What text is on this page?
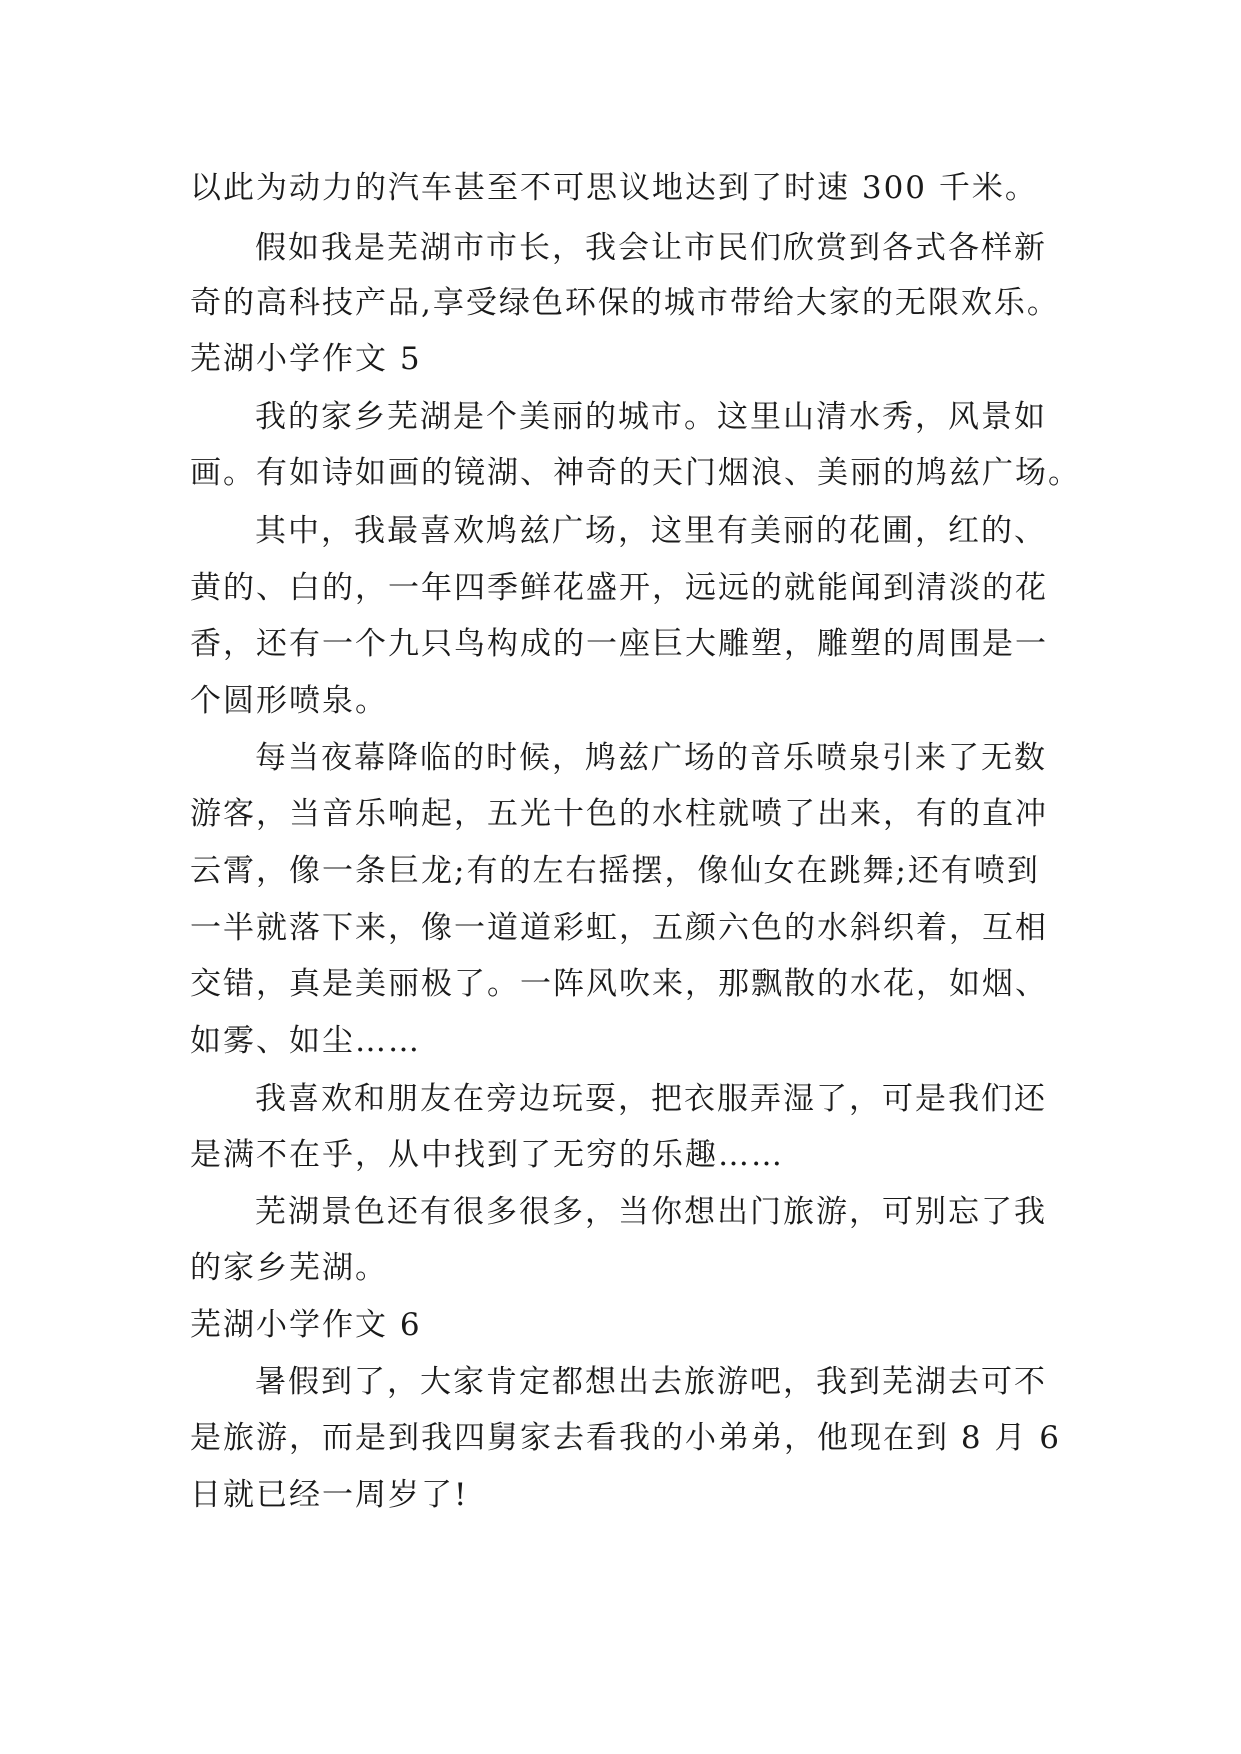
以此为动力的汽车甚至不可思议地达到了时速 300 千米。
假如我是芜湖市市长，我会让市民们欣赏到各式各样新
奇的高科技产品,享受绿色环保的城市带给大家的无限欢乐。
芜湖小学作文 5
我的家乡芜湖是个美丽的城市。这里山清水秀，风景如
画。有如诗如画的镜湖、神奇的天门烟浪、美丽的鸠兹广场。
其中，我最喜欢鸠兹广场，这里有美丽的花圃，红的、
黄的、白的，一年四季鲜花盛开，远远的就能闻到清淡的花
香，还有一个九只鸟构成的一座巨大雕塑，雕塑的周围是一
个圆形喷泉。
每当夜幕降临的时候，鸠兹广场的音乐喷泉引来了无数
游客，当音乐响起，五光十色的水柱就喷了出来，有的直冲
云霄，像一条巨龙;有的左右摇摆，像仙女在跳舞;还有喷到
一半就落下来，像一道道彩虹，五颜六色的水斜织着，互相
交错，真是美丽极了。一阵风吹来，那飘散的水花，如烟、
如雾、如尘……
我喜欢和朋友在旁边玩耍，把衣服弄湿了，可是我们还
是满不在乎，从中找到了无穷的乐趣……
芜湖景色还有很多很多，当你想出门旅游，可别忘了我
的家乡芜湖。
芜湖小学作文 6
暑假到了，大家肯定都想出去旅游吧，我到芜湖去可不
是旅游，而是到我四舅家去看我的小弟弟，他现在到 8 月 6
日就已经一周岁了!
